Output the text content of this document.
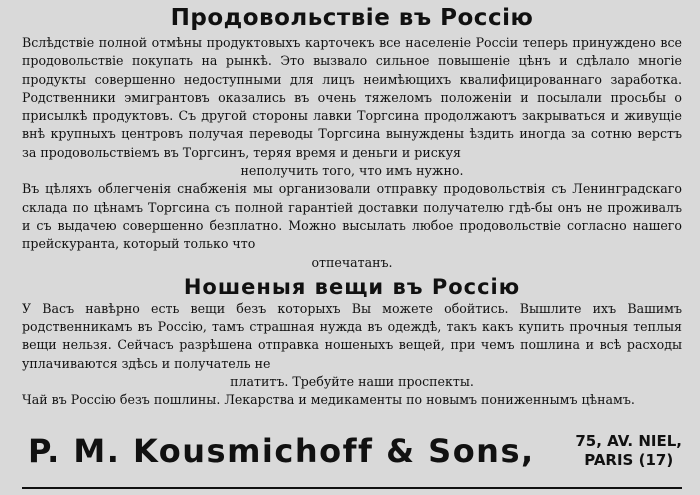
Продовольствіе въ Россію

Вслѣдствіе полной отмѣны продуктовыхъ карточекъ все населеніе Россіи теперь принуждено все продовольствіе покупать на рынкѣ. Это вызвало сильное повышеніе цѣнъ и сдѣлало многіе продукты совершенно недоступными для лицъ неимѣющихъ квалифицированнаго заработка. Родственники эмигрантовъ оказались въ очень тяжеломъ положеніи и посылали просьбы о присылкѣ продуктовъ. Съ другой стороны лавки Торгсина продолжаютъ закрываться и живущіе внѣ крупныхъ центровъ получая переводы Торгсина вынуждены ѣздить иногда за сотню верстъ за продовольствіемъ въ Торгсинъ, теряя время и деньги и рискуя
неполучить того, что имъ нужно.

Въ цѣляхъ облегченія снабженія мы организовали отправку продовольствія съ Ленинградскаго склада по цѣнамъ Торгсина съ полной гарантіей доставки получателю гдѣ-бы онъ не проживалъ и съ выдачею совершенно безплатно. Можно высылать любое продовольствіе согласно нашего прейскуранта, который только что
отпечатанъ.

Ношеныя вещи въ Россію

У Васъ навѣрно есть вещи безъ которыхъ Вы можете обойтись. Вышлите ихъ Вашимъ родственникамъ въ Россію, тамъ страшная нужда въ одеждѣ, такъ какъ купить прочныя теплыя вещи нельзя. Сейчасъ разрѣшена отправка ношеныхъ вещей, при чемъ пошлина и всѣ расходы уплачиваются здѣсь и получатель не
платитъ. Требуйте наши проспекты.

Чай въ Россію безъ пошлины. Лекарства и медикаменты по новымъ пониженнымъ цѣнамъ.

P. M. Kousmichoff & Sons,	75, AV. NIEL,
PARIS (17)
